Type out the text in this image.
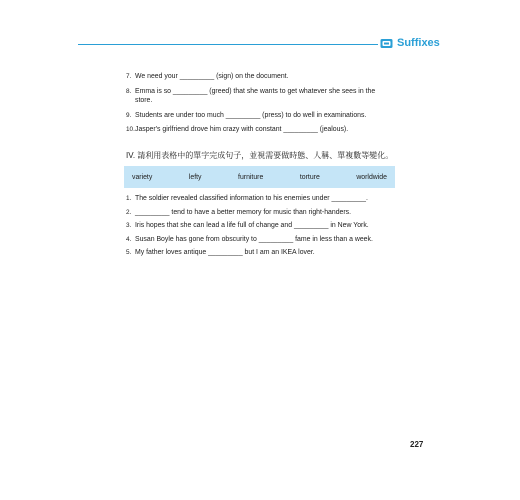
Suffixes
7. We need your _________ (sign) on the document.
8. Emma is so _________ (greed) that she wants to get whatever she sees in the
store.
9. Students are under too much _________ (press) to do well in examinations.
10. Jasper's girlfriend drove him crazy with constant _________ (jealous).
IV. 請利用表格中的單字完成句子，並視需要做時態、人稱、單複數等變化。
variety	lefty	furniture	torture	worldwide
1. The soldier revealed classified information to his enemies under _________.
2. _________ tend to have a better memory for music than right-handers.
3. Iris hopes that she can lead a life full of change and _________ in New York.
4. Susan Boyle has gone from obscurity to _________ fame in less than a week.
5. My father loves antique _________ but I am an IKEA lover.
227
